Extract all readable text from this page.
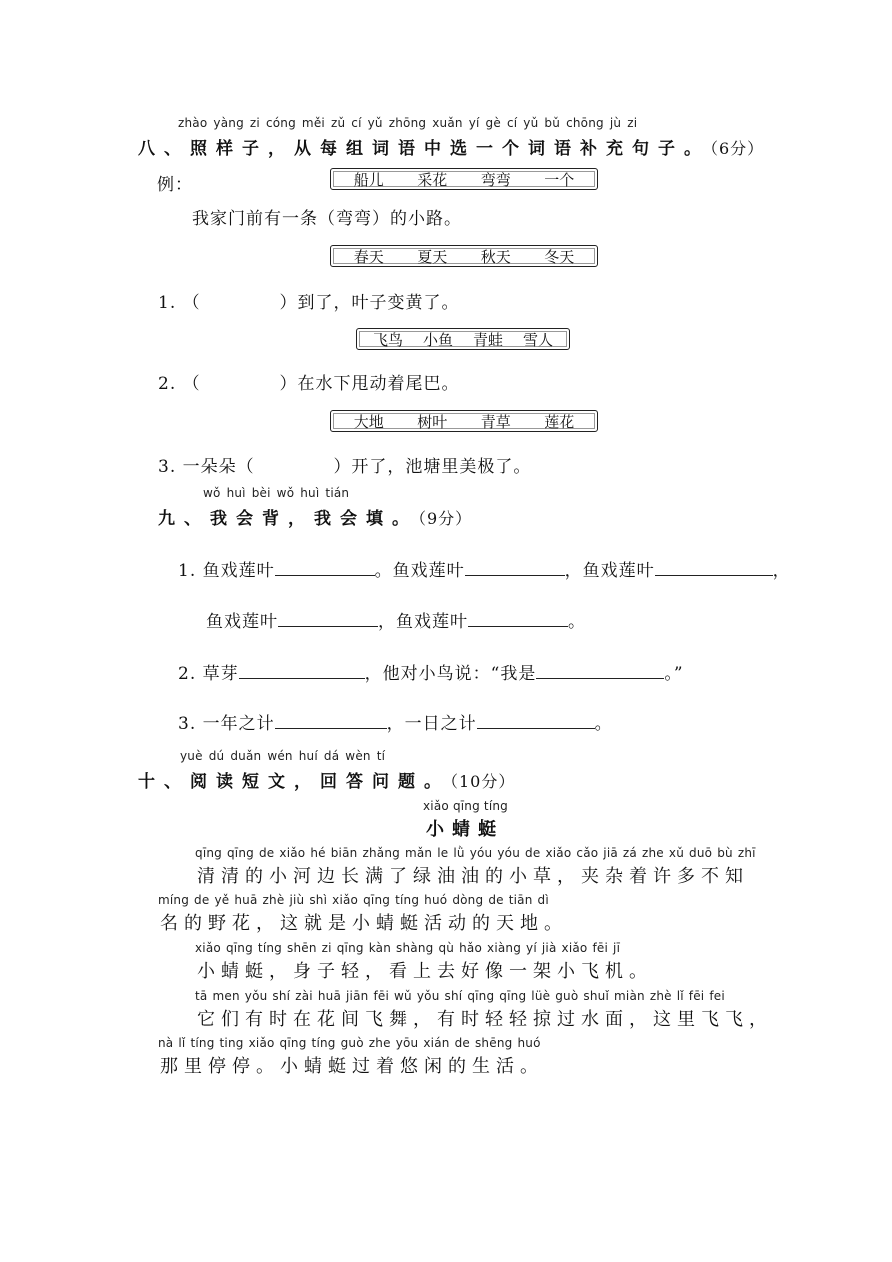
zhào yàng zi cóng měi zǔ cí yǔ zhōng xuǎn yí gè cí yǔ bǔ chōng jù zi
八、照样子，从每组词语中选一个词语补充句子。（6分）
例：	船儿 采花 弯弯 一个
我家门前有一条（弯弯）的小路。
春天 夏天 秋天 冬天
1. （	）到了，叶子变黄了。
飞鸟 小鱼 青蛙 雪人
2. （	）在水下甩动着尾巴。
大地 树叶 青草 莲花
3. 一朵朵（	）开了，池塘里美极了。
wǒ huì bèi wǒ huì tián
九、我会背，我会填。（9分）
1. 鱼戏莲叶	。鱼戏莲叶	，鱼戏莲叶	，
鱼戏莲叶	，鱼戏莲叶	。
2. 草芽	，他对小鸟说：“我是	。”
3. 一年之计	，一日之计	。
yuè dú duǎn wén huí dá wèn tí
十、阅读短文，回答问题。（10分）
xiǎo qīng tíng
小蜻蜓
qīng qīng de xiǎo hé biān zhǎng mǎn le lǜ yóu yóu de xiǎo cǎo jiā zá zhe xǔ duō bù zhī
清清的小河边长满了绿油油的小草，夹杂着许多不知
míng de yě huā zhè jiù shì xiǎo qīng tíng huó dòng de tiān dì
名的野花，这就是小蜻蜓活动的天地。
xiǎo qīng tíng shēn zi qīng kàn shàng qù hǎo xiàng yí jià xiǎo fēi jī
小蜻蜓，身子轻，看上去好像一架小飞机。
tā men yǒu shí zài huā jiān fēi wǔ yǒu shí qīng qīng lüè guò shuǐ miàn zhè lǐ fēi fei
它们有时在花间飞舞，有时轻轻掠过水面，这里飞飞，
nà lǐ tíng ting xiǎo qīng tíng guò zhe yōu xián de shēng huó
那里停停。小蜻蜓过着悠闲的生活。
